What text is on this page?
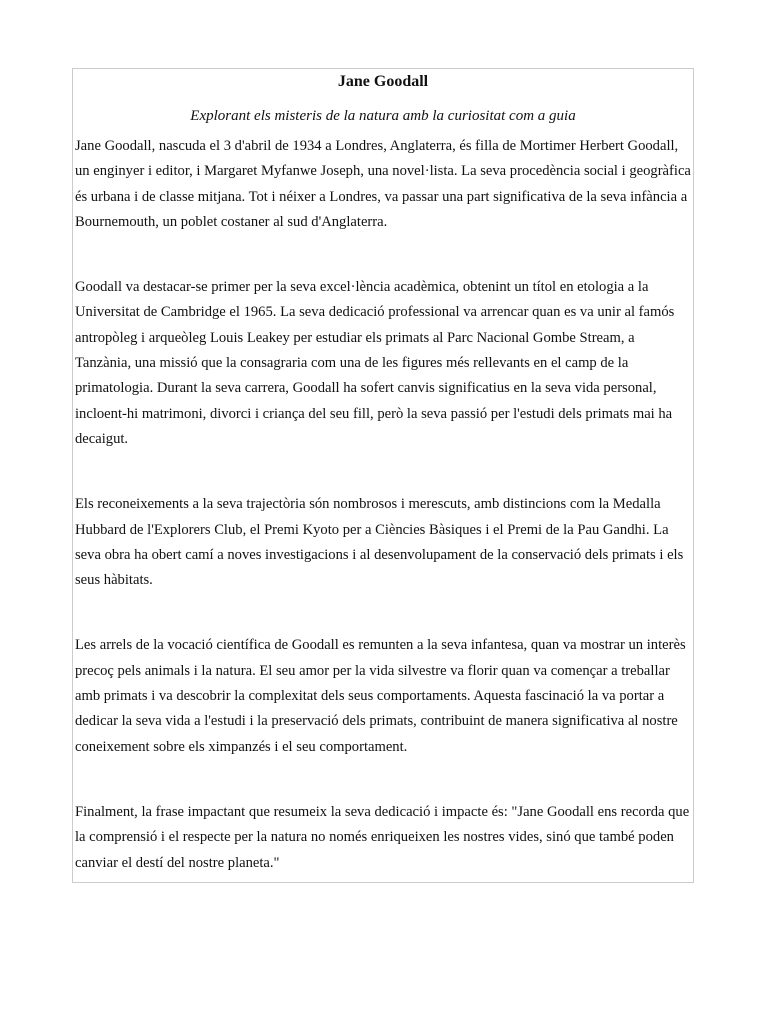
Jane Goodall

Explorant els misteris de la natura amb la curiositat com a guia

Jane Goodall, nascuda el 3 d'abril de 1934 a Londres, Anglaterra, és filla de Mortimer Herbert Goodall, un enginyer i editor, i Margaret Myfanwe Joseph, una novel·lista. La seva procedència social i geogràfica és urbana i de classe mitjana. Tot i néixer a Londres, va passar una part significativa de la seva infància a Bournemouth, un poblet costaner al sud d'Anglaterra.

Goodall va destacar-se primer per la seva excel·lència acadèmica, obtenint un títol en etologia a la Universitat de Cambridge el 1965. La seva dedicació professional va arrencar quan es va unir al famós antropòleg i arqueòleg Louis Leakey per estudiar els primats al Parc Nacional Gombe Stream, a Tanzània, una missió que la consagraria com una de les figures més rellevants en el camp de la primatologia. Durant la seva carrera, Goodall ha sofert canvis significatius en la seva vida personal, incloent-hi matrimoni, divorci i criança del seu fill, però la seva passió per l'estudi dels primats mai ha decaigut.

Els reconeixements a la seva trajectòria són nombrosos i merescuts, amb distincions com la Medalla Hubbard de l'Explorers Club, el Premi Kyoto per a Ciències Bàsiques i el Premi de la Pau Gandhi. La seva obra ha obert camí a noves investigacions i al desenvolupament de la conservació dels primats i els seus hàbitats.

Les arrels de la vocació científica de Goodall es remunten a la seva infantesa, quan va mostrar un interès precoç pels animals i la natura. El seu amor per la vida silvestre va florir quan va començar a treballar amb primats i va descobrir la complexitat dels seus comportaments. Aquesta fascinació la va portar a dedicar la seva vida a l'estudi i la preservació dels primats, contribuint de manera significativa al nostre coneixement sobre els ximpanzés i el seu comportament.

Finalment, la frase impactant que resumeix la seva dedicació i impacte és: "Jane Goodall ens recorda que la comprensió i el respecte per la natura no només enriqueixen les nostres vides, sinó que també poden canviar el destí del nostre planeta."
